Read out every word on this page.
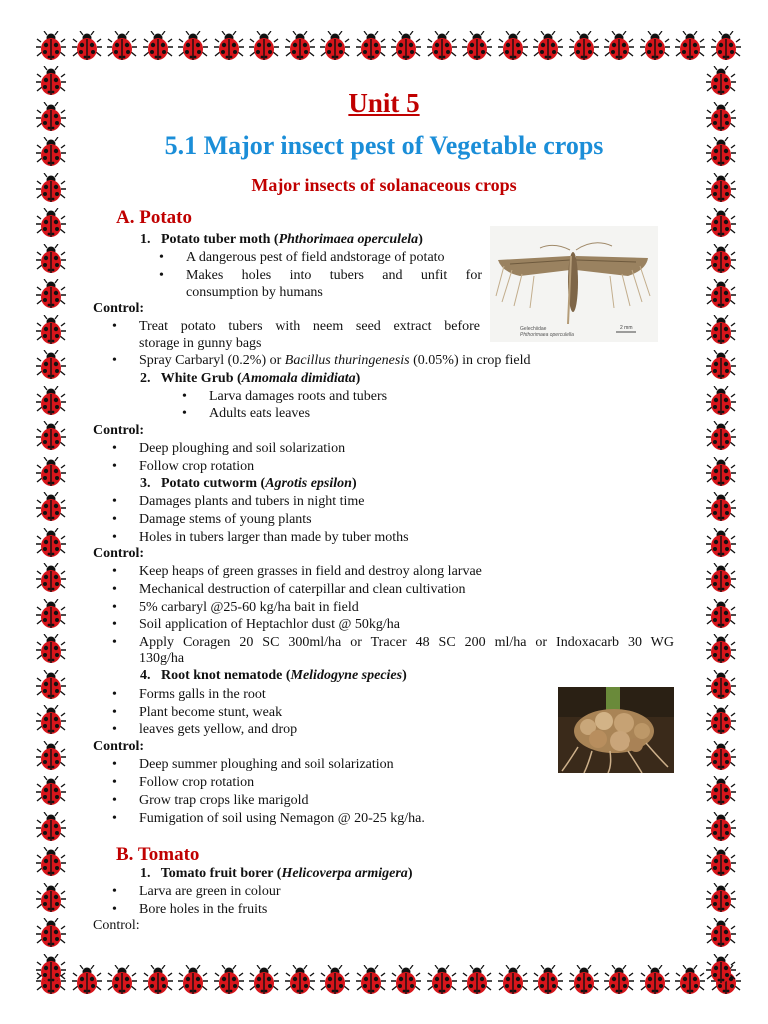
Unit 5
5.1 Major insect pest of Vegetable crops
Major insects of solanaceous crops
A. Potato
1. Potato tuber moth (Phthorimaea operculela)
• A dangerous pest of field andstorage of potato
• Makes holes into tubers and unfit for
consumption by humans
Gelechiidae
Phthorimaea operculella
2 mm
Control:
• Treat potato tubers with neem seed extract before
storage in gunny bags
• Spray Carbaryl (0.2%) or Bacillus thuringenesis (0.05%) in crop field
2. White Grub (Amomala dimidiata)
• Larva damages roots and tubers
• Adults eats leaves
Control:
• Deep ploughing and soil solarization
• Follow crop rotation
3. Potato cutworm (Agrotis epsilon)
• Damages plants and tubers in night time
• Damage stems of young plants
• Holes in tubers larger than made by tuber moths
Control:
• Keep heaps of green grasses in field and destroy along larvae
• Mechanical destruction of caterpillar and clean cultivation
• 5% carbaryl @25-60 kg/ha bait in field
• Soil application of Heptachlor dust @ 50kg/ha
• Apply Coragen 20 SC 300ml/ha or Tracer 48 SC 200 ml/ha or Indoxacarb 30 WG
130g/ha
4. Root knot nematode (Melidogyne species)
• Forms galls in the root
• Plant become stunt, weak
• leaves gets yellow, and drop
Control:
• Deep summer ploughing and soil solarization
• Follow crop rotation
• Grow trap crops like marigold
• Fumigation of soil using Nemagon @ 20-25 kg/ha.
B. Tomato
1. Tomato fruit borer (Helicoverpa armigera)
• Larva are green in colour
• Bore holes in the fruits
Control:
